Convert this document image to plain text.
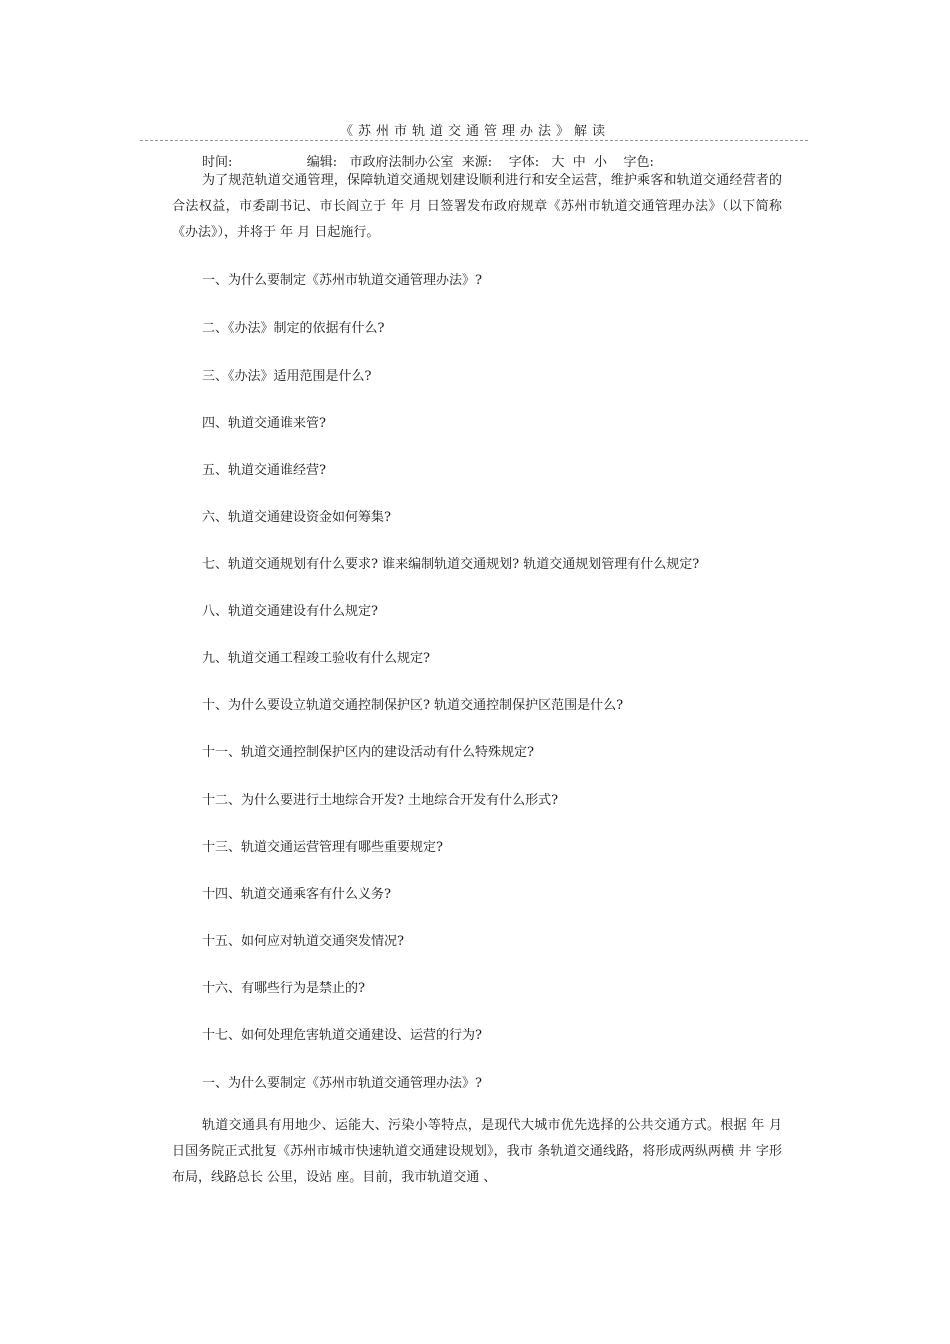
《苏州市轨道交通管理办法》解读
时间:                  编辑:   市政府法制办公室  来源:    字体:   大  中  小    字色:
为了规范轨道交通管理，保障轨道交通规划建设顺利进行和安全运营，维护乘客和轨道交通经营者的合法权益，市委副书记、市长阎立于 年 月 日签署发布政府规章《苏州市轨道交通管理办法》（以下简称《办法》），并将于 年 月 日起施行。
一、为什么要制定《苏州市轨道交通管理办法》?
二、《办法》制定的依据有什么?
三、《办法》适用范围是什么?
四、轨道交通谁来管?
五、轨道交通谁经营?
六、轨道交通建设资金如何筹集?
七、轨道交通规划有什么要求? 谁来编制轨道交通规划? 轨道交通规划管理有什么规定?
八、轨道交通建设有什么规定?
九、轨道交通工程竣工验收有什么规定?
十、为什么要设立轨道交通控制保护区? 轨道交通控制保护区范围是什么?
十一、轨道交通控制保护区内的建设活动有什么特殊规定?
十二、为什么要进行土地综合开发? 土地综合开发有什么形式?
十三、轨道交通运营管理有哪些重要规定?
十四、轨道交通乘客有什么义务?
十五、如何应对轨道交通突发情况?
十六、有哪些行为是禁止的?
十七、如何处理危害轨道交通建设、运营的行为?
一、为什么要制定《苏州市轨道交通管理办法》?
轨道交通具有用地少、运能大、污染小等特点，是现代大城市优先选择的公共交通方式。根据 年 月 日国务院正式批复《苏州市城市快速轨道交通建设规划》，我市 条轨道交通线路，将形成两纵两横 井 字形布局，线路总长 公里，设站 座。目前，我市轨道交通 、
